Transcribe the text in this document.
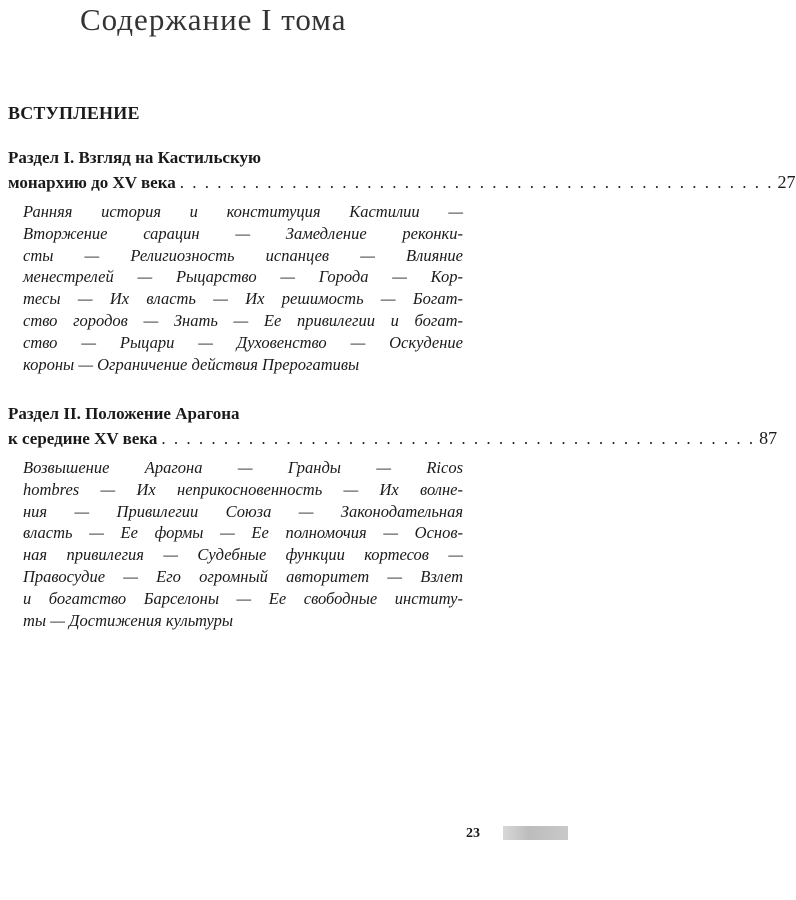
Содержание I тома
ВСТУПЛЕНИЕ
Раздел I. Взгляд на Кастильскую
монархию до XV века . . . . . . . . . . . . . . . . . . . . . . . . . . . . . . . . . . . . . . . . . . . . . . . . 27
Ранняя история и конституция Кастилии —
Вторжение сарацин — Замедление реконки-
сты — Религиозность испанцев — Влияние
менестрелей — Рыцарство — Города — Кор-
тесы — Их власть — Их решимость — Богат-
ство городов — Знать — Ее привилегии и богат-
ство — Рыцари — Духовенство — Оскудение
короны — Ограничение действия Прерогативы
Раздел II. Положение Арагона
к середине XV века . . . . . . . . . . . . . . . . . . . . . . . . . . . . . . . . . . . . . . . . . . . . . . . . 87
Возвышение Арагона — Гранды — Ricos
hombres — Их неприкосновенность — Их волне-
ния — Привилегии Союза — Законодательная
власть — Ее формы — Ее полномочия — Основ-
ная привилегия — Судебные функции кортесов —
Правосудие — Его огромный авторитет — Взлет
и богатство Барселоны — Ее свободные институ-
ты — Достижения культуры
23
